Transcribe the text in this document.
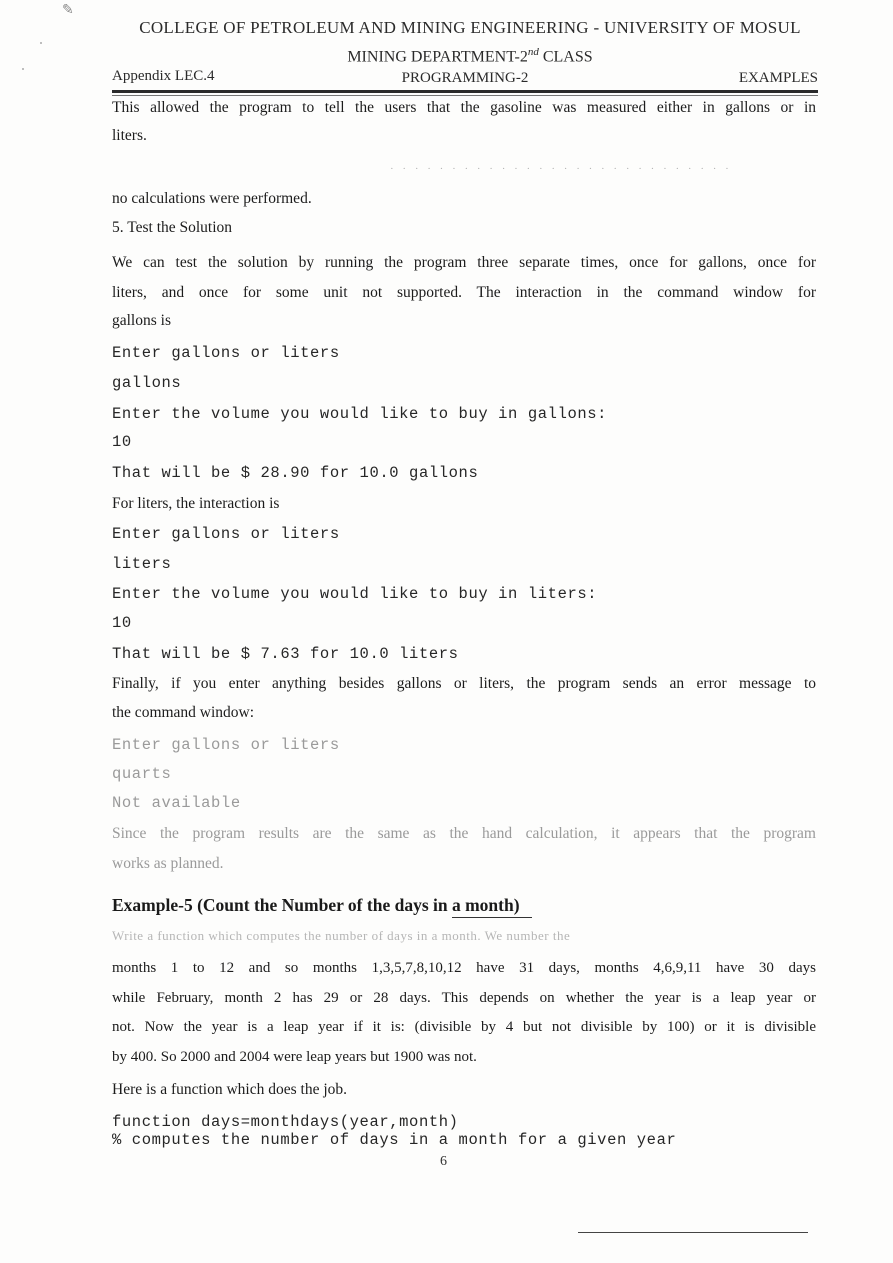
✎
COLLEGE OF PETROLEUM AND MINING ENGINEERING - UNIVERSITY OF MOSUL
MINING DEPARTMENT-2nd CLASS
Appendix LEC.4	PROGRAMMING-2	EXAMPLES
This allowed the program to tell the users that the gasoline was measured either in gallons or in
liters.
· · · · · · · · · · · · · · · · · · · · · · · · · · · ·
no calculations were performed.
5. Test the Solution
We can test the solution by running the program three separate times, once for gallons, once for
liters, and once for some unit not supported. The interaction in the command window for
gallons is
Enter gallons or liters
gallons
Enter the volume you would like to buy in gallons:
10
That will be $ 28.90 for 10.0 gallons
For liters, the interaction is
Enter gallons or liters
liters
Enter the volume you would like to buy in liters:
10
That will be $ 7.63 for 10.0 liters
Finally, if you enter anything besides gallons or liters, the program sends an error message to
the command window:
Enter gallons or liters
quarts
Not available
Since the program results are the same as the hand calculation, it appears that the program
works as planned.
Example-5 (Count the Number of the days in a month)
Write a function which computes the number of days in a month. We number the
months 1 to 12 and so months 1,3,5,7,8,10,12 have 31 days, months 4,6,9,11 have 30 days
while February, month 2 has 29 or 28 days. This depends on whether the year is a leap year or
not. Now the year is a leap year if it is: (divisible by 4 but not divisible by 100) or it is divisible
by 400. So 2000 and 2004 were leap years but 1900 was not.
Here is a function which does the job.
function days=monthdays(year,month)
% computes the number of days in a month for a given year
6
